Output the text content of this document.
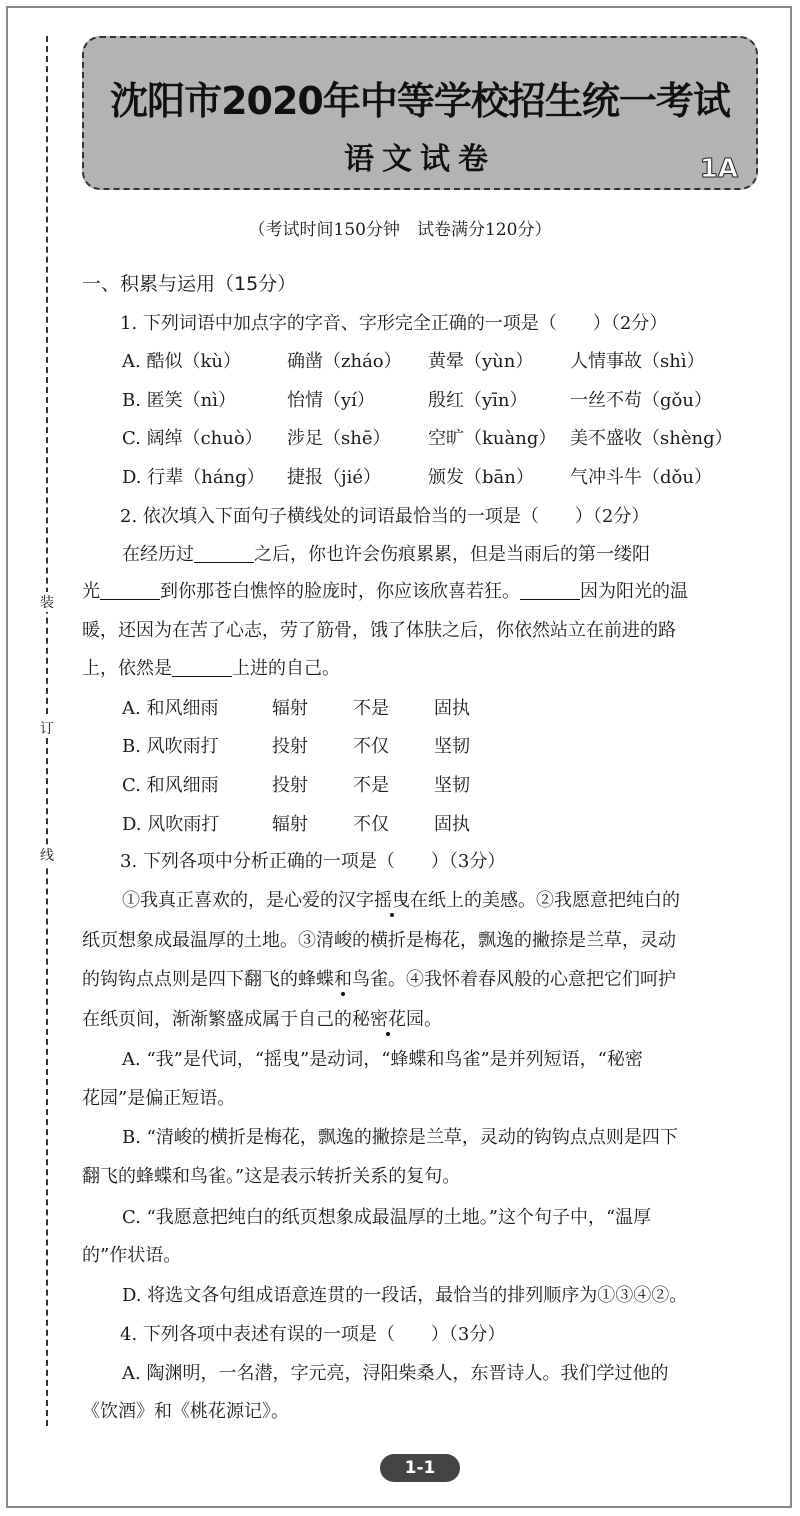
装
订
线
沈阳市2020年中等学校招生统一考试
语文试卷	1A
（考试时间150分钟　试卷满分120分）
一、积累与运用（15分）
1. 下列词语中加点字的字音、字形完全正确的一项是（　　）（2分）
A. 酷似（kù）	确凿（zháo） 黄晕（yùn） 人情事故（shì）
B. 匿笑（nì）	怡情（yí）	殷红（yīn） 一丝不苟（gǒu）
C. 阔绰（chuò） 涉足（shē） 空旷（kuàng） 美不盛收（shèng）
D. 行辈（háng） 捷报（jié）	颁发（bān） 气冲斗牛（dǒu）
2. 依次填入下面句子横线处的词语最恰当的一项是（　　）（2分）
在经历过	之后，你也许会伤痕累累，但是当雨后的第一缕阳
光	到你那苍白憔悴的脸庞时，你应该欣喜若狂。	因为阳光的温
暖，还因为在苦了心志，劳了筋骨，饿了体肤之后，你依然站立在前进的路
上，依然是	上进的自己。
A. 和风细雨	辐射	不是	固执
B. 风吹雨打	投射	不仅	坚韧
C. 和风细雨	投射	不是	坚韧
D. 风吹雨打	辐射	不仅	固执
3. 下列各项中分析正确的一项是（　　）（3分）
①我真正喜欢的，是心爱的汉字摇曳在纸上的美感。②我愿意把纯白的
纸页想象成最温厚的土地。③清峻的横折是梅花，飘逸的撇捺是兰草，灵动
的钩钩点点则是四下翻飞的蜂蝶和鸟雀。④我怀着春风般的心意把它们呵护
在纸页间，渐渐繁盛成属于自己的秘密花园。
A. “我”是代词，“摇曳”是动词，“蜂蝶和鸟雀”是并列短语，“秘密
花园”是偏正短语。
B. “清峻的横折是梅花，飘逸的撇捺是兰草，灵动的钩钩点点则是四下
翻飞的蜂蝶和鸟雀。”这是表示转折关系的复句。
C. “我愿意把纯白的纸页想象成最温厚的土地。”这个句子中，“温厚
的”作状语。
D. 将选文各句组成语意连贯的一段话，最恰当的排列顺序为①③④②。
4. 下列各项中表述有误的一项是（　　）（3分）
A. 陶渊明，一名潜，字元亮，浔阳柴桑人，东晋诗人。我们学过他的
《饮酒》和《桃花源记》。
1-1
